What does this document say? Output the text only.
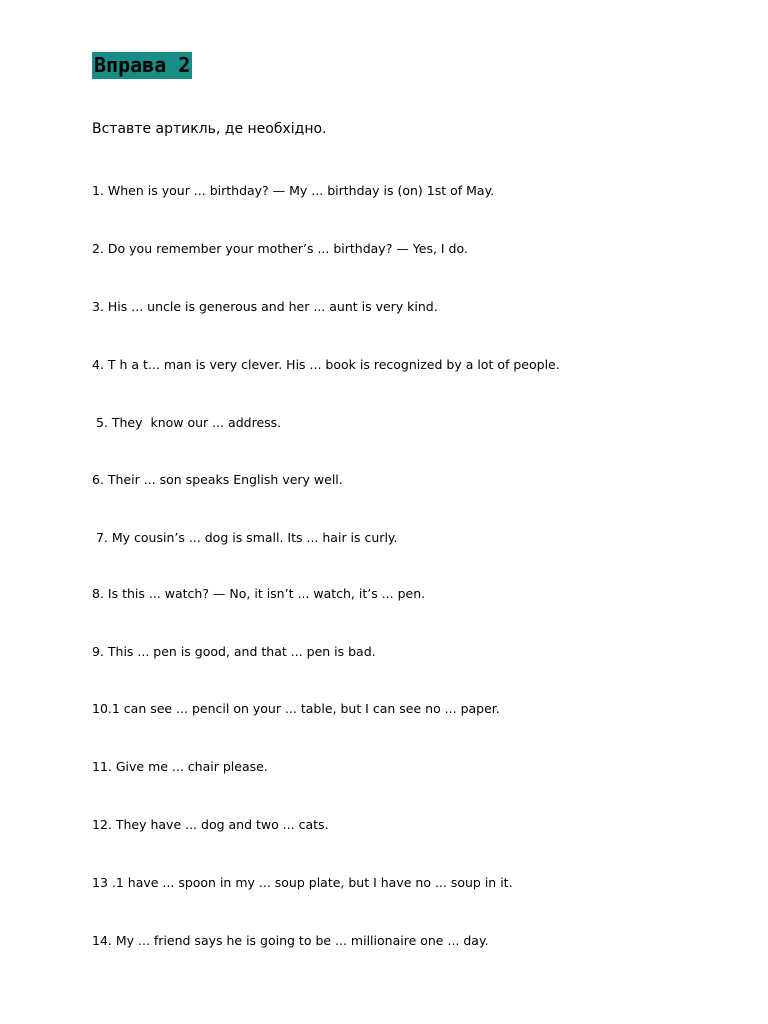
Вправа 2
Вставте артикль, де необхідно.
1. When is your ... birthday? — My ... birthday is (on) 1st of May.
2. Do you remember your mother’s ... birthday? — Yes, I do.
3. His ... uncle is generous and her ... aunt is very kind.
4. T h a t... man is very clever. His ... book is recognized by a lot of people.
5. They  know our ... address.
6. Their ... son speaks English very well.
7. My cousin’s ... dog is small. Its ... hair is curly.
8. Is this ... watch? — No, it isn’t ... watch, it’s ... pen.
9. This ... pen is good, and that ... pen is bad.
10.1 can see ... pencil on your ... table, but I can see no ... paper.
11. Give me ... chair please.
12. They have ... dog and two ... cats.
13 .1 have ... spoon in my ... soup plate, but I have no ... soup in it.
14. My ... friend says he is going to be ... millionaire one ... day.
